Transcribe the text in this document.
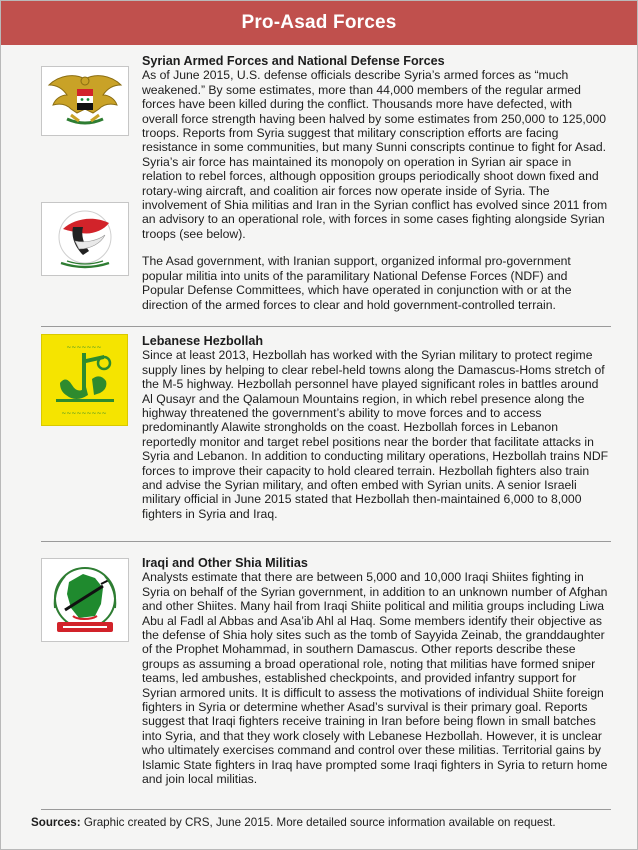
Pro-Asad Forces
Syrian Armed Forces and National Defense Forces

As of June 2015, U.S. defense officials describe Syria’s armed forces as “much weakened.” By some estimates, more than 44,000 members of the regular armed forces have been killed during the conflict. Thousands more have defected, with overall force strength having been halved by some estimates from 250,000 to 125,000 troops. Reports from Syria suggest that military conscription efforts are facing resistance in some communities, but many Sunni conscripts continue to fight for Asad. Syria’s air force has maintained its monopoly on operation in Syrian air space in relation to rebel forces, although opposition groups periodically shoot down fixed and rotary-wing aircraft, and coalition air forces now operate inside of Syria. The involvement of Shia militias and Iran in the Syrian conflict has evolved since 2011 from an advisory to an operational role, with forces in some cases fighting alongside Syrian troops (see below).

The Asad government, with Iranian support, organized informal pro-government popular militia into units of the paramilitary National Defense Forces (NDF) and Popular Defense Committees, which have operated in conjunction with or at the direction of the armed forces to clear and hold government-controlled terrain.

~~~~~~~
~~~~~~~~~
Lebanese Hezbollah

Since at least 2013, Hezbollah has worked with the Syrian military to protect regime supply lines by helping to clear rebel-held towns along the Damascus-Homs stretch of the M-5 highway. Hezbollah personnel have played significant roles in battles around Al Qusayr and the Qalamoun Mountains region, in which rebel presence along the highway threatened the government’s ability to move forces and to access predominantly Alawite strongholds on the coast. Hezbollah forces in Lebanon reportedly monitor and target rebel positions near the border that facilitate attacks in Syria and Lebanon. In addition to conducting military operations, Hezbollah trains NDF forces to improve their capacity to hold cleared terrain. Hezbollah fighters also train and advise the Syrian military, and often embed with Syrian units. A senior Israeli military official in June 2015 stated that Hezbollah then-maintained 6,000 to 8,000 fighters in Syria and Iraq.

Iraqi and Other Shia Militias

Analysts estimate that there are between 5,000 and 10,000 Iraqi Shiites fighting in Syria on behalf of the Syrian government, in addition to an unknown number of Afghan and other Shiites. Many hail from Iraqi Shiite political and militia groups including Liwa Abu al Fadl al Abbas and Asa’ib Ahl al Haq. Some members identify their objective as the defense of Shia holy sites such as the tomb of Sayyida Zeinab, the granddaughter of the Prophet Mohammad, in southern Damascus. Other reports describe these groups as assuming a broad operational role, noting that militias have formed sniper teams, led ambushes, established checkpoints, and provided infantry support for Syrian armored units. It is difficult to assess the motivations of individual Shiite foreign fighters in Syria or determine whether Asad’s survival is their primary goal. Reports suggest that Iraqi fighters receive training in Iran before being flown in small batches into Syria, and that they work closely with Lebanese Hezbollah. However, it is unclear who ultimately exercises command and control over these militias. Territorial gains by Islamic State fighters in Iraq have prompted some Iraqi fighters in Syria to return home and join local militias.

Sources: Graphic created by CRS, June 2015. More detailed source information available on request.
